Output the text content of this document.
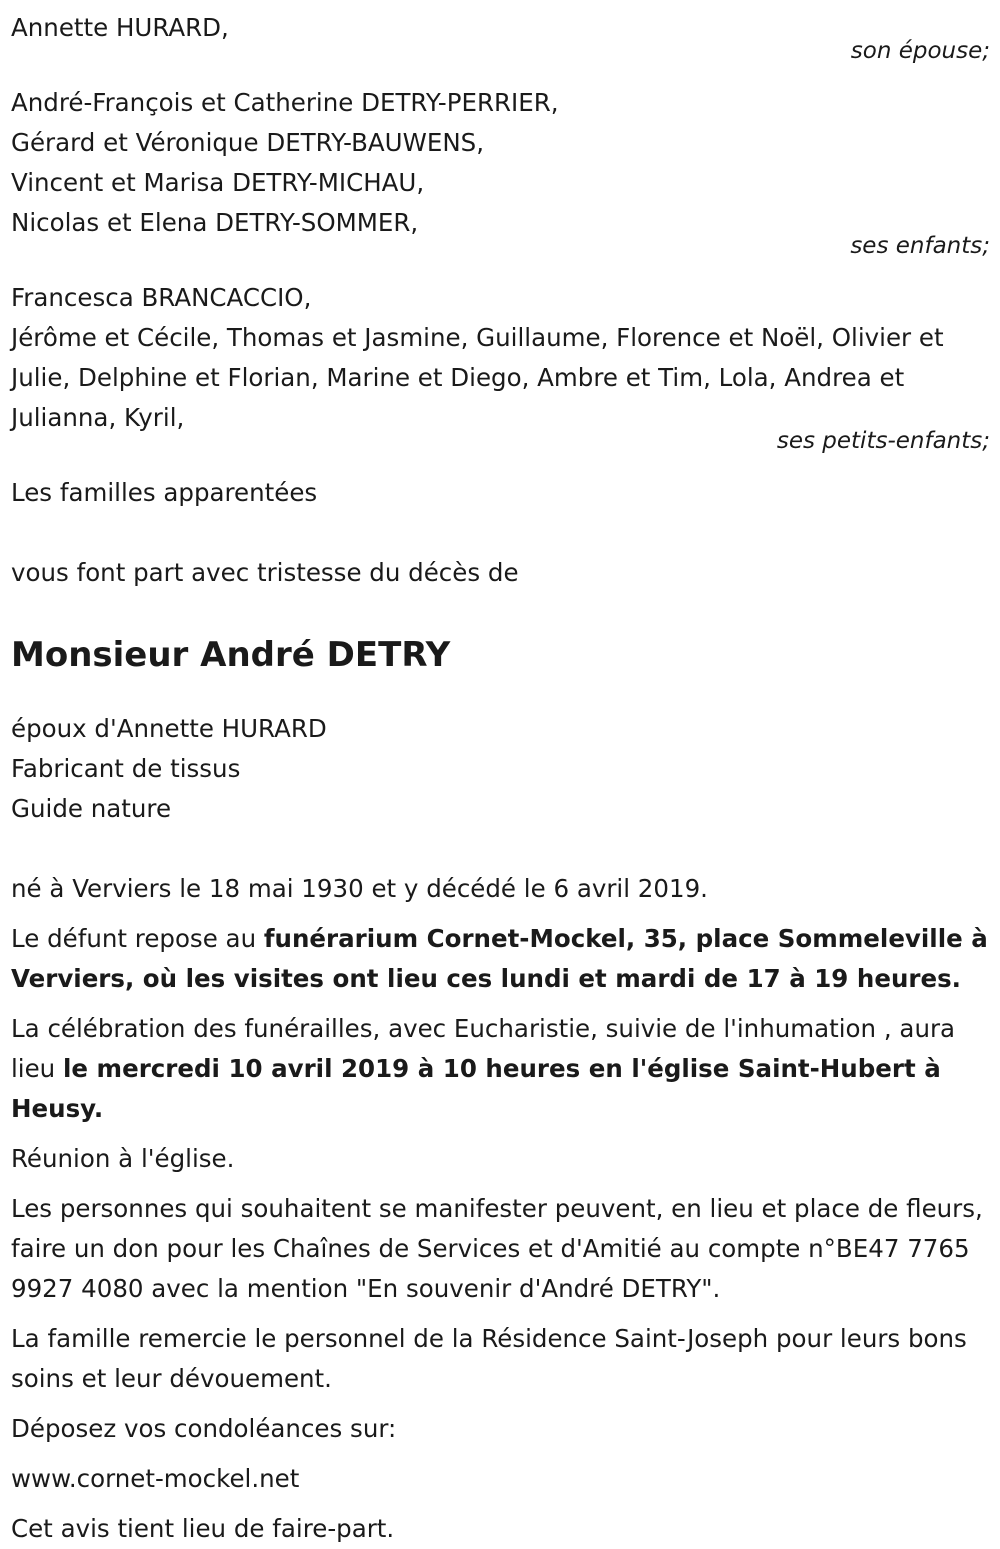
Annette HURARD,
son épouse;
André-François et Catherine DETRY-PERRIER,
Gérard et Véronique DETRY-BAUWENS,
Vincent et Marisa DETRY-MICHAU,
Nicolas et Elena DETRY-SOMMER,
ses enfants;
Francesca BRANCACCIO,
Jérôme et Cécile, Thomas et Jasmine, Guillaume, Florence et Noël, Olivier et Julie, Delphine et Florian, Marine et Diego, Ambre et Tim, Lola, Andrea et Julianna, Kyril,
ses petits-enfants;

Les familles apparentées

vous font part avec tristesse du décès de

Monsieur André DETRY
époux d'Annette HURARD
Fabricant de tissus
Guide nature

né à Verviers le 18 mai 1930 et y décédé le 6 avril 2019.

Le défunt repose au funérarium Cornet-Mockel, 35, place Sommeleville à Verviers, où les visites ont lieu ces lundi et mardi de 17 à 19 heures.

La célébration des funérailles, avec Eucharistie, suivie de l'inhumation , aura lieu le mercredi 10 avril 2019 à 10 heures en l'église Saint-Hubert à Heusy.

Réunion à l'église.

Les personnes qui souhaitent se manifester peuvent, en lieu et place de fleurs, faire un don pour les Chaînes de Services et d'Amitié au compte n°BE47 7765 9927 4080 avec la mention "En souvenir d'André DETRY".

La famille remercie le personnel de la Résidence Saint-Joseph pour leurs bons soins et leur dévouement.

Déposez vos condoléances sur:

www.cornet-mockel.net

Cet avis tient lieu de faire-part.
